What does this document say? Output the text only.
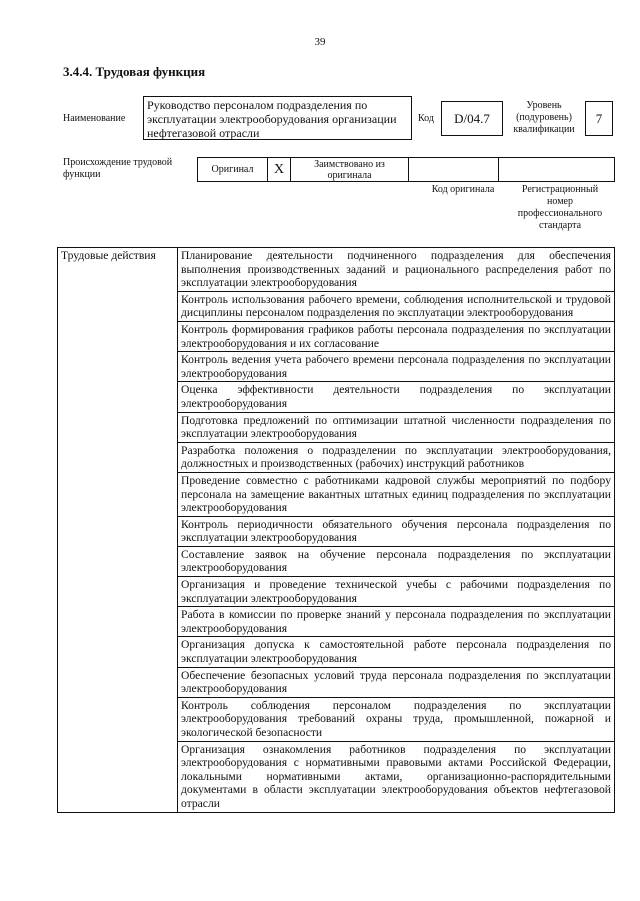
39
3.4.4. Трудовая функция
Наименование
Руководство персоналом подразделения по эксплуатации электрооборудования организации нефтегазовой отрасли
Код D/04.7
Уровень (подуровень) квалификации
7
Происхождение трудовой функции	Оригинал X	Заимствовано из оригинала
Код оригинала	Регистрационный номер профессионального стандарта
Трудовые действия	Планирование деятельности подчиненного подразделения для обеспечения выполнения производственных заданий и рационального распределения работ по эксплуатации электрооборудования
Контроль использования рабочего времени, соблюдения исполнительской и трудовой дисциплины персоналом подразделения по эксплуатации электрооборудования
Контроль формирования графиков работы персонала подразделения по эксплуатации электрооборудования и их согласование
Контроль ведения учета рабочего времени персонала подразделения по эксплуатации электрооборудования
Оценка эффективности деятельности подразделения по эксплуатации электрооборудования
Подготовка предложений по оптимизации штатной численности подразделения по эксплуатации электрооборудования
Разработка положения о подразделении по эксплуатации электрооборудования, должностных и производственных (рабочих) инструкций работников
Проведение совместно с работниками кадровой службы мероприятий по подбору персонала на замещение вакантных штатных единиц подразделения по эксплуатации электрооборудования
Контроль периодичности обязательного обучения персонала подразделения по эксплуатации электрооборудования
Составление заявок на обучение персонала подразделения по эксплуатации электрооборудования
Организация и проведение технической учебы с рабочими подразделения по эксплуатации электрооборудования
Работа в комиссии по проверке знаний у персонала подразделения по эксплуатации электрооборудования
Организация допуска к самостоятельной работе персонала подразделения по эксплуатации электрооборудования
Обеспечение безопасных условий труда персонала подразделения по эксплуатации электрооборудования
Контроль соблюдения персоналом подразделения по эксплуатации электрооборудования требований охраны труда, промышленной, пожарной и экологической безопасности
Организация ознакомления работников подразделения по эксплуатации электрооборудования с нормативными правовыми актами Российской Федерации, локальными нормативными актами, организационно-распорядительными документами в области эксплуатации электрооборудования объектов нефтегазовой отрасли
